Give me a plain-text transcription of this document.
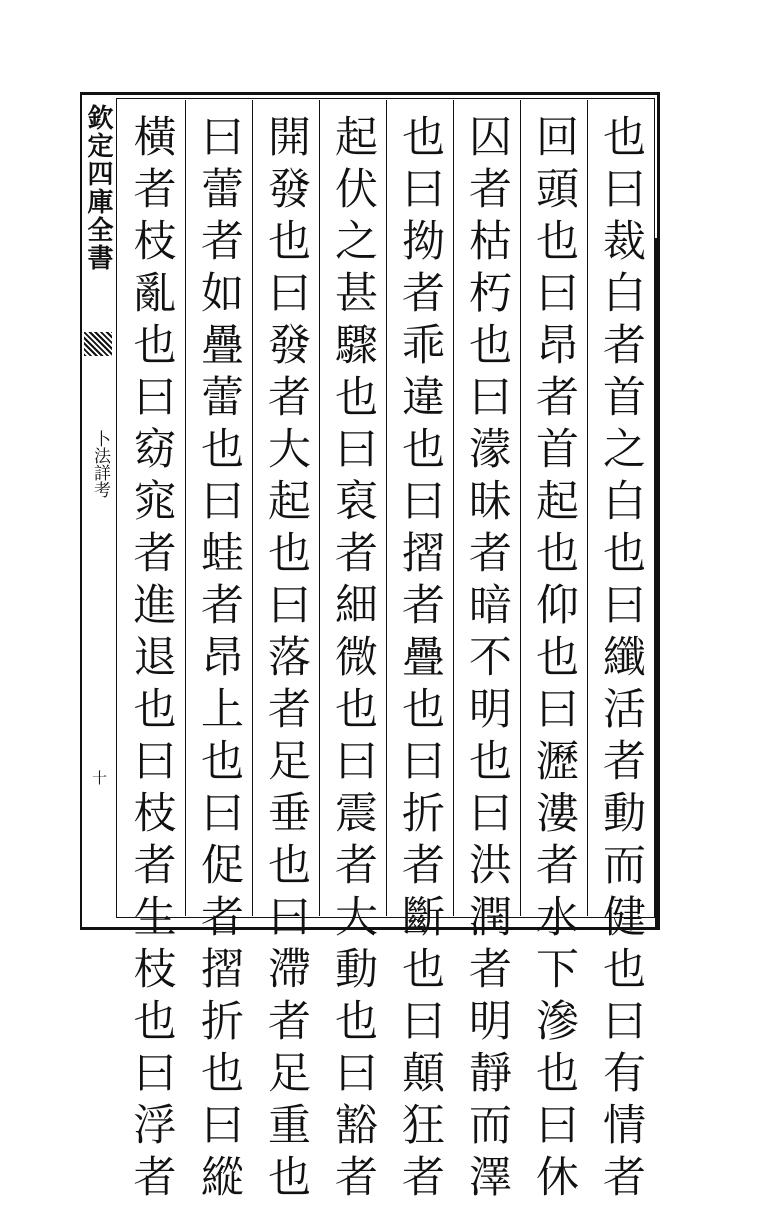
欽定四庫全書
卜法詳考
十	也曰裁白者首之白也曰纖活者動而健也曰有情者
回頭也曰昂者首起也仰也曰瀝漊者水下滲也曰休
囚者枯朽也曰濛昧者暗不明也曰洪潤者明靜而澤
也曰拗者乖違也曰摺者疊也曰折者斷也曰顛狂者
起伏之甚驟也曰裒者細微也曰震者大動也曰豁者
開發也曰發者大起也曰落者足垂也曰滯者足重也
曰蕾者如疊蕾也曰蛙者昂上也曰促者摺折也曰縱
橫者枝亂也曰窈窕者進退也曰枝者生枝也曰浮者
